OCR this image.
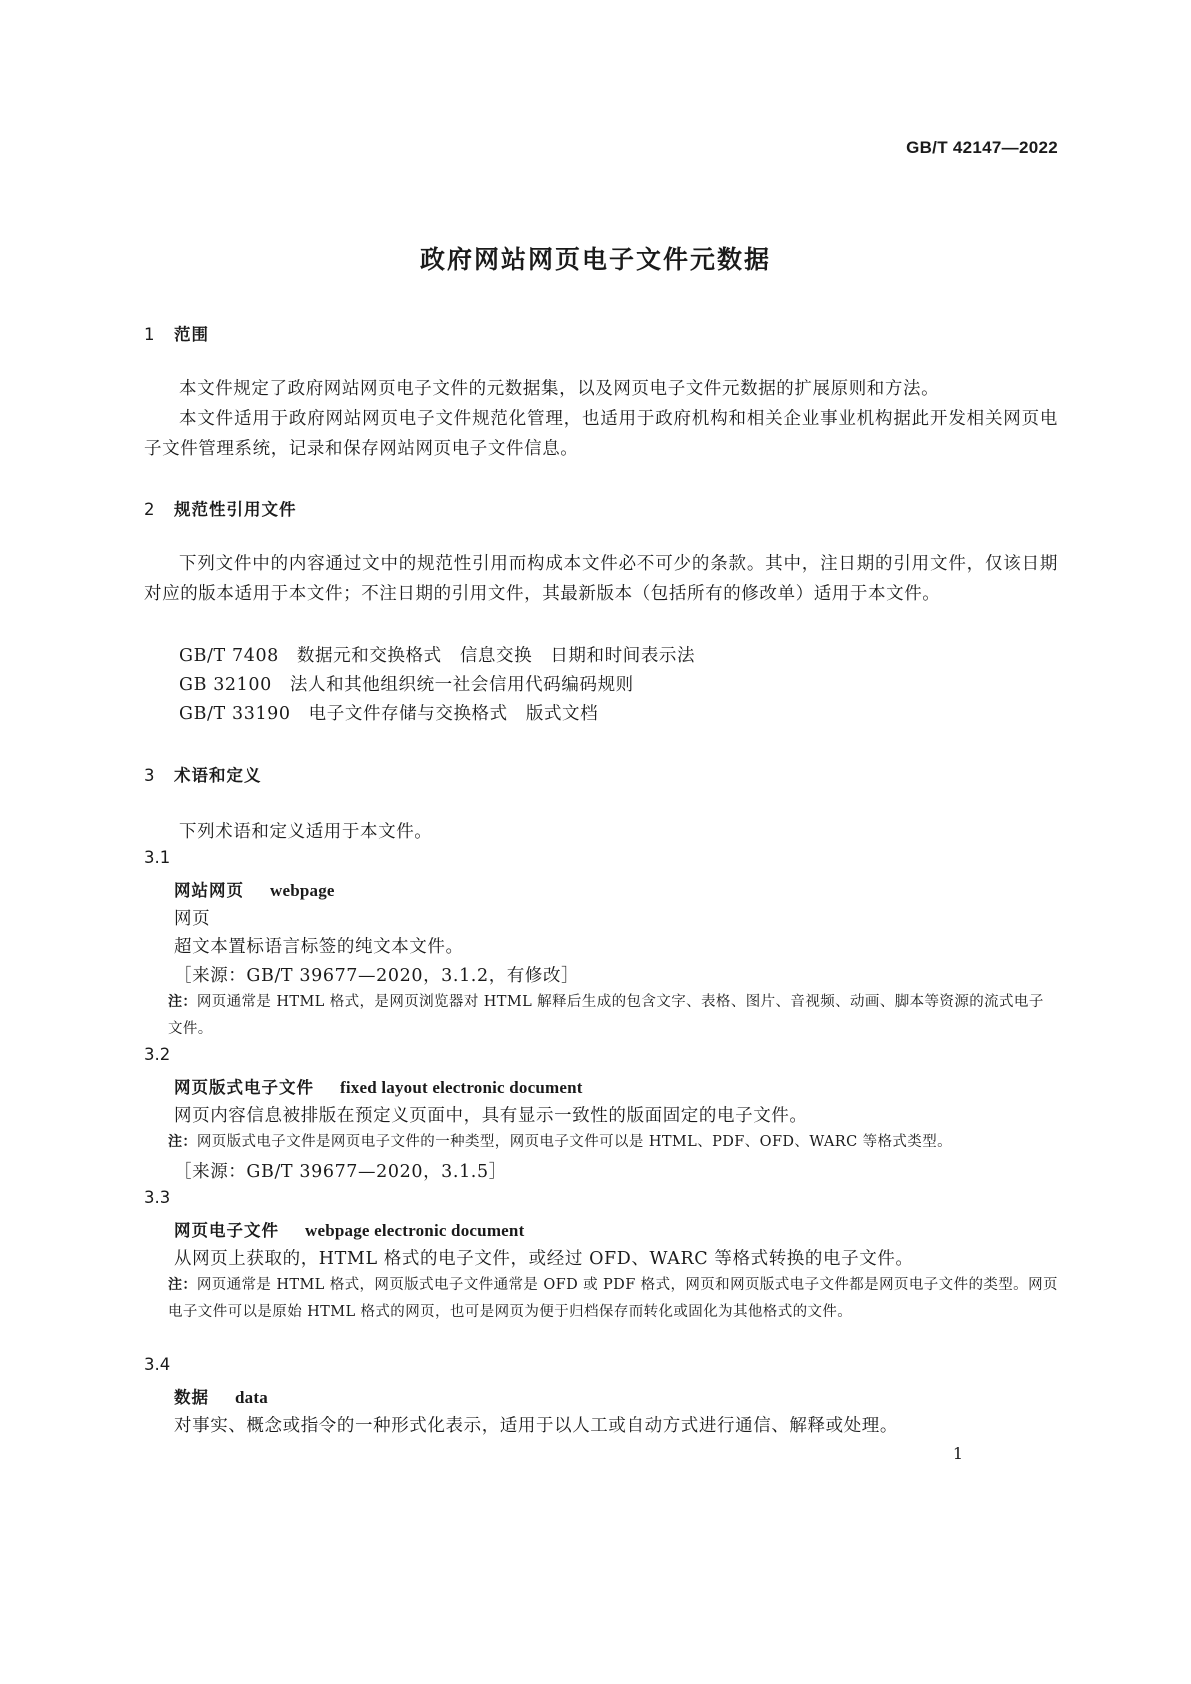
GB/T 42147—2022
政府网站网页电子文件元数据
1 范围
本文件规定了政府网站网页电子文件的元数据集，以及网页电子文件元数据的扩展原则和方法。
本文件适用于政府网站网页电子文件规范化管理，也适用于政府机构和相关企业事业机构据此开发相关网页电子文件管理系统，记录和保存网站网页电子文件信息。
2 规范性引用文件
下列文件中的内容通过文中的规范性引用而构成本文件必不可少的条款。其中，注日期的引用文件，仅该日期对应的版本适用于本文件；不注日期的引用文件，其最新版本（包括所有的修改单）适用于本文件。
GB/T 7408 数据元和交换格式　信息交换　日期和时间表示法
GB 32100 法人和其他组织统一社会信用代码编码规则
GB/T 33190 电子文件存储与交换格式　版式文档
3 术语和定义
下列术语和定义适用于本文件。
3.1
网站网页 webpage
网页
超文本置标语言标签的纯文本文件。
［来源：GB/T 39677—2020，3.1.2，有修改］
注：网页通常是 HTML 格式，是网页浏览器对 HTML 解释后生成的包含文字、表格、图片、音视频、动画、脚本等资源的流式电子文件。
3.2
网页版式电子文件 fixed layout electronic document
网页内容信息被排版在预定义页面中，具有显示一致性的版面固定的电子文件。
注：网页版式电子文件是网页电子文件的一种类型，网页电子文件可以是 HTML、PDF、OFD、WARC 等格式类型。
［来源：GB/T 39677—2020，3.1.5］
3.3
网页电子文件 webpage electronic document
从网页上获取的，HTML 格式的电子文件，或经过 OFD、WARC 等格式转换的电子文件。
注：网页通常是 HTML 格式，网页版式电子文件通常是 OFD 或 PDF 格式，网页和网页版式电子文件都是网页电子文件的类型。网页电子文件可以是原始 HTML 格式的网页，也可是网页为便于归档保存而转化或固化为其他格式的文件。
3.4
数据 data
对事实、概念或指令的一种形式化表示，适用于以人工或自动方式进行通信、解释或处理。
1
